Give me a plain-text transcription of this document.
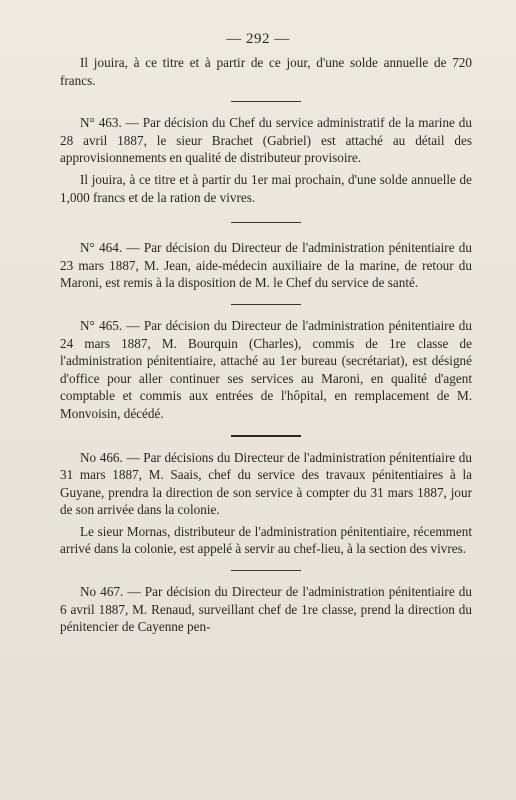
— 292 —

Il jouira, à ce titre et à partir de ce jour, d'une solde annuelle de 720 francs.

N° 463. — Par décision du Chef du service administratif de la marine du 28 avril 1887, le sieur Brachet (Gabriel) est attaché au détail des approvisionnements en qualité de distributeur provisoire.

Il jouira, à ce titre et à partir du 1er mai prochain, d'une solde annuelle de 1,000 francs et de la ration de vivres.

N° 464. — Par décision du Directeur de l'administration pénitentiaire du 23 mars 1887, M. Jean, aide-médecin auxiliaire de la marine, de retour du Maroni, est remis à la disposition de M. le Chef du service de santé.

N° 465. — Par décision du Directeur de l'administration pénitentiaire du 24 mars 1887, M. Bourquin (Charles), commis de 1re classe de l'administration pénitentiaire, attaché au 1er bureau (secrétariat), est désigné d'office pour aller continuer ses services au Maroni, en qualité d'agent comptable et commis aux entrées de l'hôpital, en remplacement de M. Monvoisin, décédé.

No 466. — Par décisions du Directeur de l'administration pénitentiaire du 31 mars 1887, M. Saais, chef du service des travaux pénitentiaires à la Guyane, prendra la direction de son service à compter du 31 mars 1887, jour de son arrivée dans la colonie.

Le sieur Mornas, distributeur de l'administration pénitentiaire, récemment arrivé dans la colonie, est appelé à servir au chef-lieu, à la section des vivres.

No 467. — Par décision du Directeur de l'administration pénitentiaire du 6 avril 1887, M. Renaud, surveillant chef de 1re classe, prend la direction du pénitencier de Cayenne pen-
